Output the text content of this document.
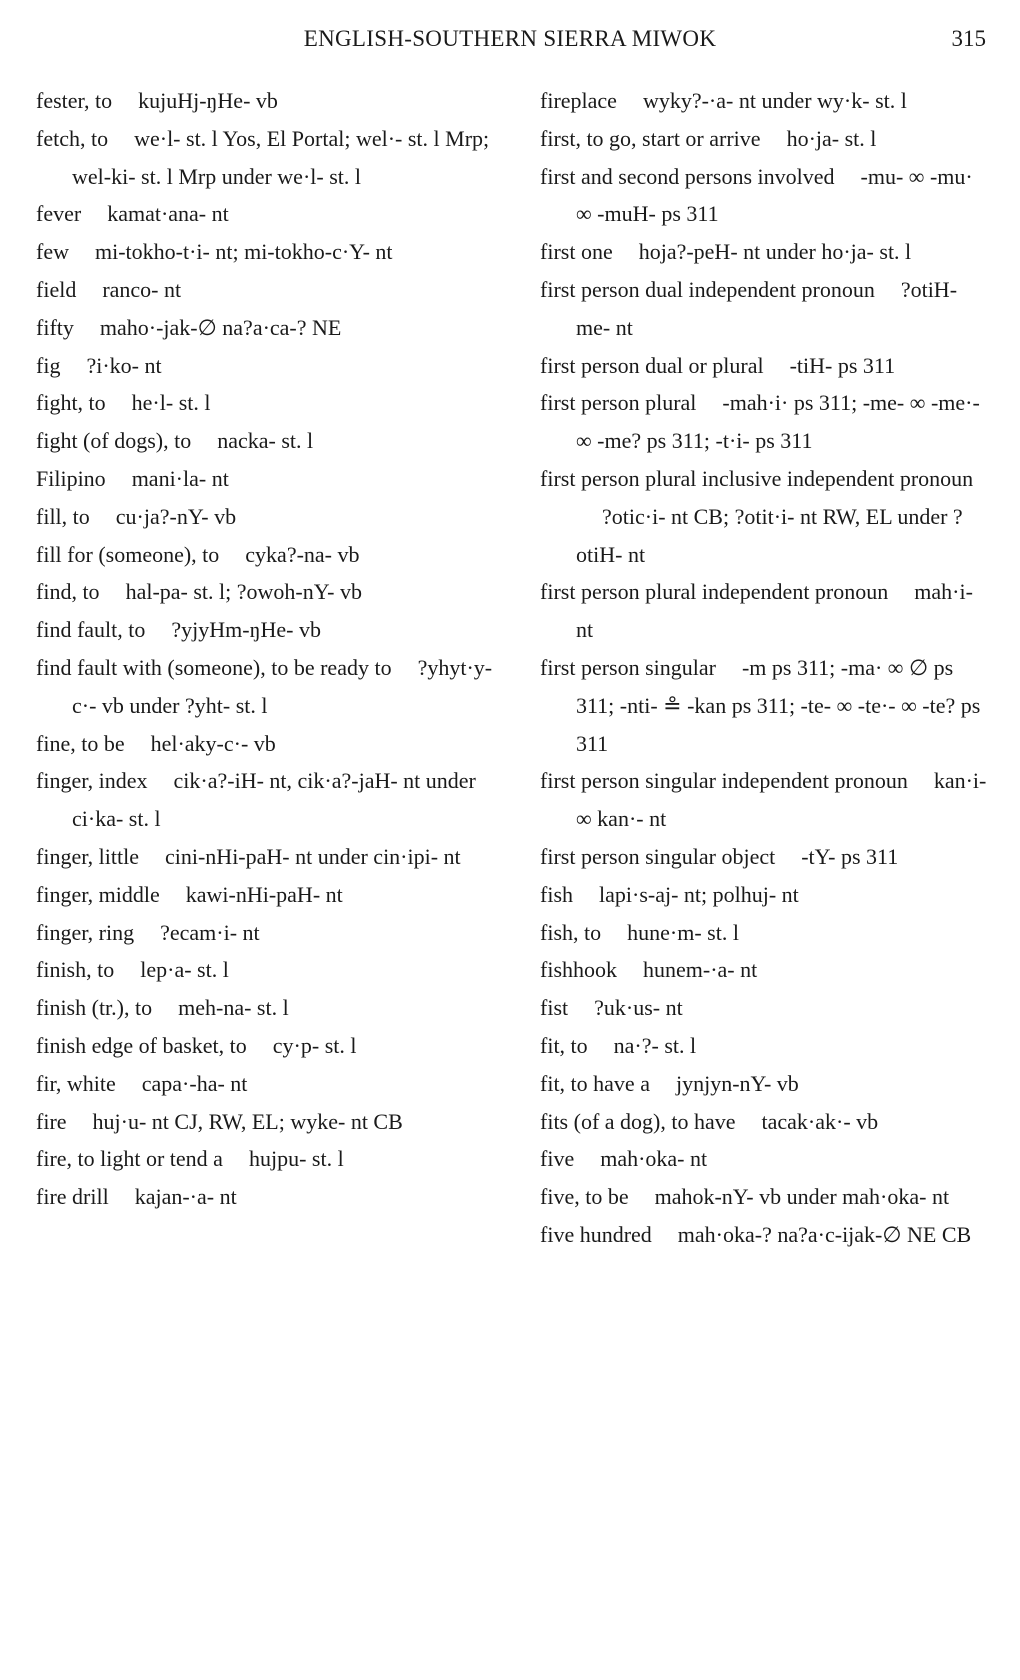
ENGLISH-SOUTHERN SIERRA MIWOK	315

fester, to kujuHj-ŋHe- vb

fetch, to we·l- st. l Yos, El Portal; wel·- st. l Mrp; wel-ki- st. l Mrp under we·l- st. l

fever kamat·ana- nt

few mi-tokho-t·i- nt; mi-tokho-c·Y- nt

field ranco- nt

fifty maho·-jak-∅ na?a·ca-? NE

fig ?i·ko- nt

fight, to he·l- st. l

fight (of dogs), to nacka- st. l

Filipino mani·la- nt

fill, to cu·ja?-nY- vb

fill for (someone), to cyka?-na- vb

find, to hal-pa- st. l; ?owoh-nY- vb

find fault, to ?yjyHm-ŋHe- vb

find fault with (someone), to be ready to ?yhyt·y-c·- vb under ?yht- st. l

fine, to be hel·aky-c·- vb

finger, index cik·a?-iH- nt, cik·a?-jaH- nt under ci·ka- st. l

finger, little cini-nHi-paH- nt under cin·ipi- nt

finger, middle kawi-nHi-paH- nt

finger, ring ?ecam·i- nt

finish, to lep·a- st. l

finish (tr.), to meh-na- st. l

finish edge of basket, to cy·p- st. l

fir, white capa·-ha- nt

fire huj·u- nt CJ, RW, EL; wyke- nt CB

fire, to light or tend a hujpu- st. l

fire drill kajan-·a- nt

fireplace wyky?-·a- nt under wy·k- st. l

first, to go, start or arrive ho·ja- st. l

first and second persons involved -mu- ∞ -mu· ∞ -muH- ps 311

first one hoja?-peH- nt under ho·ja- st. l

first person dual independent pronoun ?otiH-me- nt

first person dual or plural -tiH- ps 311

first person plural -mah·i· ps 311; -me- ∞ -me·- ∞ -me? ps 311; -t·i- ps 311

first person plural inclusive independent pronoun?otic·i- nt CB; ?otit·i- nt RW, EL under ?otiH- nt

first person plural independent pronoun mah·i- nt

first person singular -m ps 311; -ma· ∞ ∅ ps 311; -nti- ≗ -kan ps 311; -te- ∞ -te·- ∞ -te? ps 311

first person singular independent pronoun kan·i- ∞ kan·- nt

first person singular object -tY- ps 311

fish lapi·s-aj- nt; polhuj- nt

fish, to hune·m- st. l

fishhook hunem-·a- nt

fist ?uk·us- nt

fit, to na·?- st. l

fit, to have a jynjyn-nY- vb

fits (of a dog), to have tacak·ak·- vb

five mah·oka- nt

five, to be mahok-nY- vb under mah·oka- nt

five hundred mah·oka-? na?a·c-ijak-∅ NE CB
